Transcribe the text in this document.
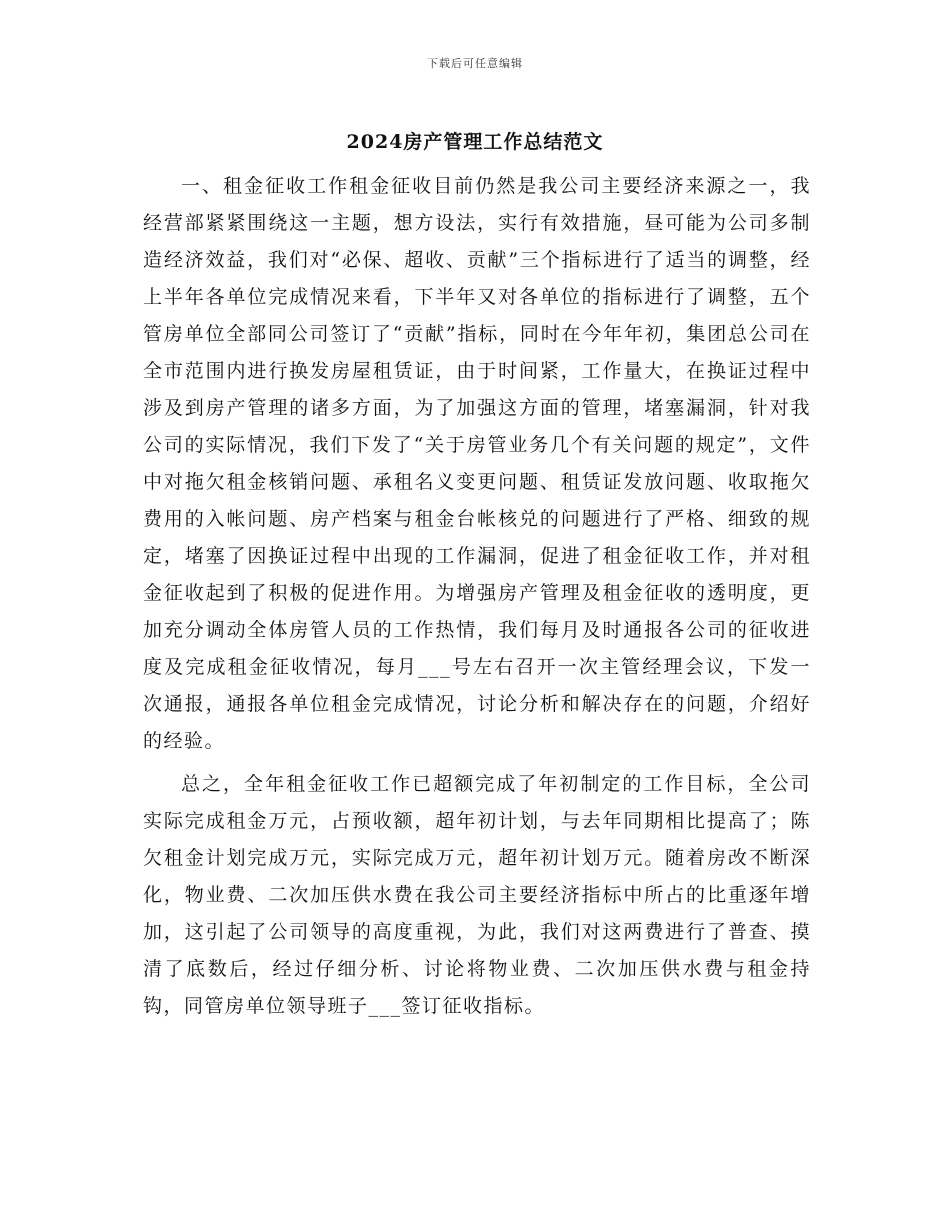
下载后可任意编辑
2024房产管理工作总结范文

一、租金征收工作租金征收目前仍然是我公司主要经济来源之一，我经营部紧紧围绕这一主题，想方设法，实行有效措施，昼可能为公司多制造经济效益，我们对“必保、超收、贡献”三个指标进行了适当的调整，经上半年各单位完成情况来看，下半年又对各单位的指标进行了调整，五个管房单位全部同公司签订了“贡献”指标，同时在今年年初，集团总公司在全市范围内进行换发房屋租赁证，由于时间紧，工作量大，在换证过程中涉及到房产管理的诸多方面，为了加强这方面的管理，堵塞漏洞，针对我公司的实际情况，我们下发了“关于房管业务几个有关问题的规定”，文件中对拖欠租金核销问题、承租名义变更问题、租赁证发放问题、收取拖欠费用的入帐问题、房产档案与租金台帐核兑的问题进行了严格、细致的规定，堵塞了因换证过程中出现的工作漏洞，促进了租金征收工作，并对租金征收起到了积极的促进作用。为增强房产管理及租金征收的透明度，更加充分调动全体房管人员的工作热情，我们每月及时通报各公司的征收进度及完成租金征收情况，每月___号左右召开一次主管经理会议，下发一次通报，通报各单位租金完成情况，讨论分析和解决存在的问题，介绍好的经验。

总之，全年租金征收工作已超额完成了年初制定的工作目标，全公司实际完成租金万元，占预收额，超年初计划，与去年同期相比提高了；陈欠租金计划完成万元，实际完成万元，超年初计划万元。随着房改不断深化，物业费、二次加压供水费在我公司主要经济指标中所占的比重逐年增加，这引起了公司领导的高度重视，为此，我们对这两费进行了普查、摸清了底数后，经过仔细分析、讨论将物业费、二次加压供水费与租金持钩，同管房单位领导班子___签订征收指标。
